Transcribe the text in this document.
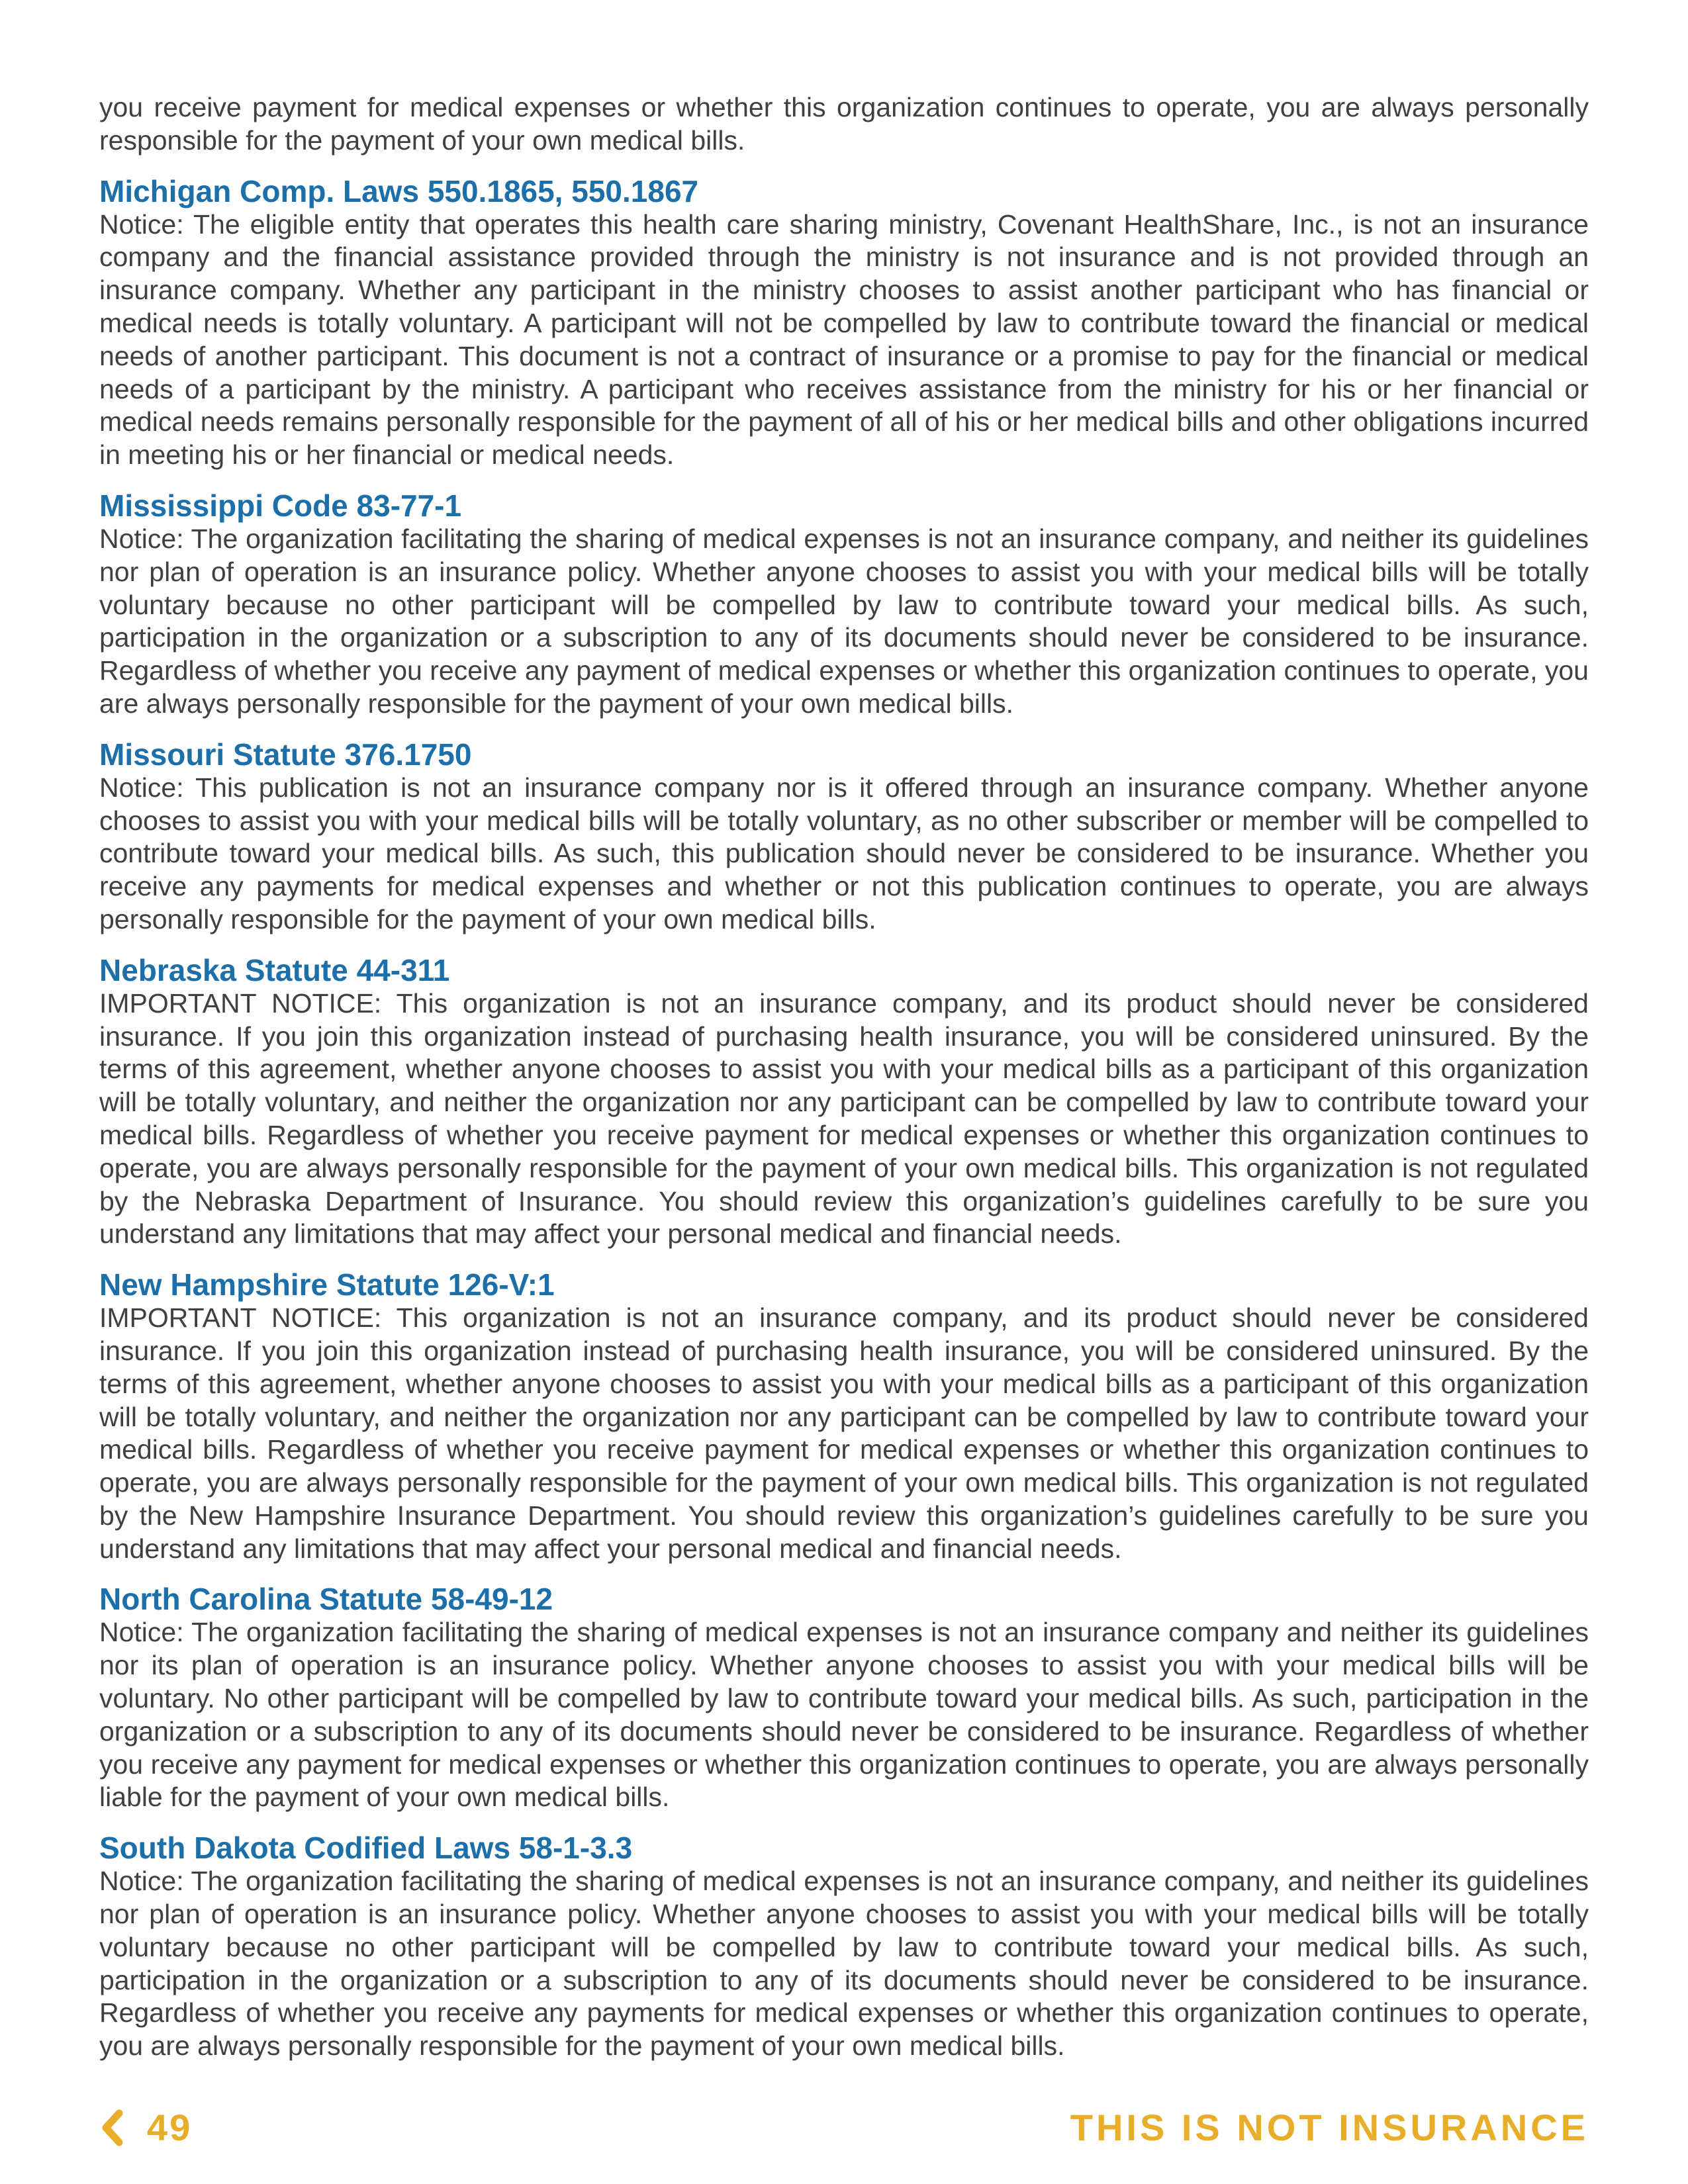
you receive payment for medical expenses or whether this organization continues to operate, you are always personally responsible for the payment of your own medical bills.

Michigan Comp. Laws 550.1865, 550.1867

Notice: The eligible entity that operates this health care sharing ministry, Covenant HealthShare, Inc., is not an insurance company and the financial assistance provided through the ministry is not insurance and is not provided through an insurance company. Whether any participant in the ministry chooses to assist another participant who has financial or medical needs is totally voluntary. A participant will not be compelled by law to contribute toward the financial or medical needs of another participant. This document is not a contract of insurance or a promise to pay for the financial or medical needs of a participant by the ministry. A participant who receives assistance from the ministry for his or her financial or medical needs remains personally responsible for the payment of all of his or her medical bills and other obligations incurred in meeting his or her financial or medical needs.

Mississippi Code 83-77-1

Notice: The organization facilitating the sharing of medical expenses is not an insurance company, and neither its guidelines nor plan of operation is an insurance policy. Whether anyone chooses to assist you with your medical bills will be totally voluntary because no other participant will be compelled by law to contribute toward your medical bills. As such, participation in the organization or a subscription to any of its documents should never be considered to be insurance. Regardless of whether you receive any payment of medical expenses or whether this organization continues to operate, you are always personally responsible for the payment of your own medical bills.

Missouri Statute 376.1750

Notice: This publication is not an insurance company nor is it offered through an insurance company. Whether anyone chooses to assist you with your medical bills will be totally voluntary, as no other subscriber or member will be compelled to contribute toward your medical bills. As such, this publication should never be considered to be insurance. Whether you receive any payments for medical expenses and whether or not this publication continues to operate, you are always personally responsible for the payment of your own medical bills.

Nebraska Statute 44-311

IMPORTANT NOTICE: This organization is not an insurance company, and its product should never be considered insurance. If you join this organization instead of purchasing health insurance, you will be considered uninsured. By the terms of this agreement, whether anyone chooses to assist you with your medical bills as a participant of this organization will be totally voluntary, and neither the organization nor any participant can be compelled by law to contribute toward your medical bills. Regardless of whether you receive payment for medical expenses or whether this organization continues to operate, you are always personally responsible for the payment of your own medical bills. This organization is not regulated by the Nebraska Department of Insurance. You should review this organization’s guidelines carefully to be sure you understand any limitations that may affect your personal medical and financial needs.

New Hampshire Statute 126-V:1

IMPORTANT NOTICE: This organization is not an insurance company, and its product should never be considered insurance. If you join this organization instead of purchasing health insurance, you will be considered uninsured. By the terms of this agreement, whether anyone chooses to assist you with your medical bills as a participant of this organization will be totally voluntary, and neither the organization nor any participant can be compelled by law to contribute toward your medical bills. Regardless of whether you receive payment for medical expenses or whether this organization continues to operate, you are always personally responsible for the payment of your own medical bills. This organization is not regulated by the New Hampshire Insurance Department. You should review this organization’s guidelines carefully to be sure you understand any limitations that may affect your personal medical and financial needs.

North Carolina Statute 58-49-12

Notice: The organization facilitating the sharing of medical expenses is not an insurance company and neither its guidelines nor its plan of operation is an insurance policy. Whether anyone chooses to assist you with your medical bills will be voluntary. No other participant will be compelled by law to contribute toward your medical bills. As such, participation in the organization or a subscription to any of its documents should never be considered to be insurance. Regardless of whether you receive any payment for medical expenses or whether this organization continues to operate, you are always personally liable for the payment of your own medical bills.

South Dakota Codified Laws 58-1-3.3

Notice: The organization facilitating the sharing of medical expenses is not an insurance company, and neither its guidelines nor plan of operation is an insurance policy. Whether anyone chooses to assist you with your medical bills will be totally voluntary because no other participant will be compelled by law to contribute toward your medical bills. As such, participation in the organization or a subscription to any of its documents should never be considered to be insurance. Regardless of whether you receive any payments for medical expenses or whether this organization continues to operate, you are always personally responsible for the payment of your own medical bills.

49	THIS IS NOT INSURANCE
